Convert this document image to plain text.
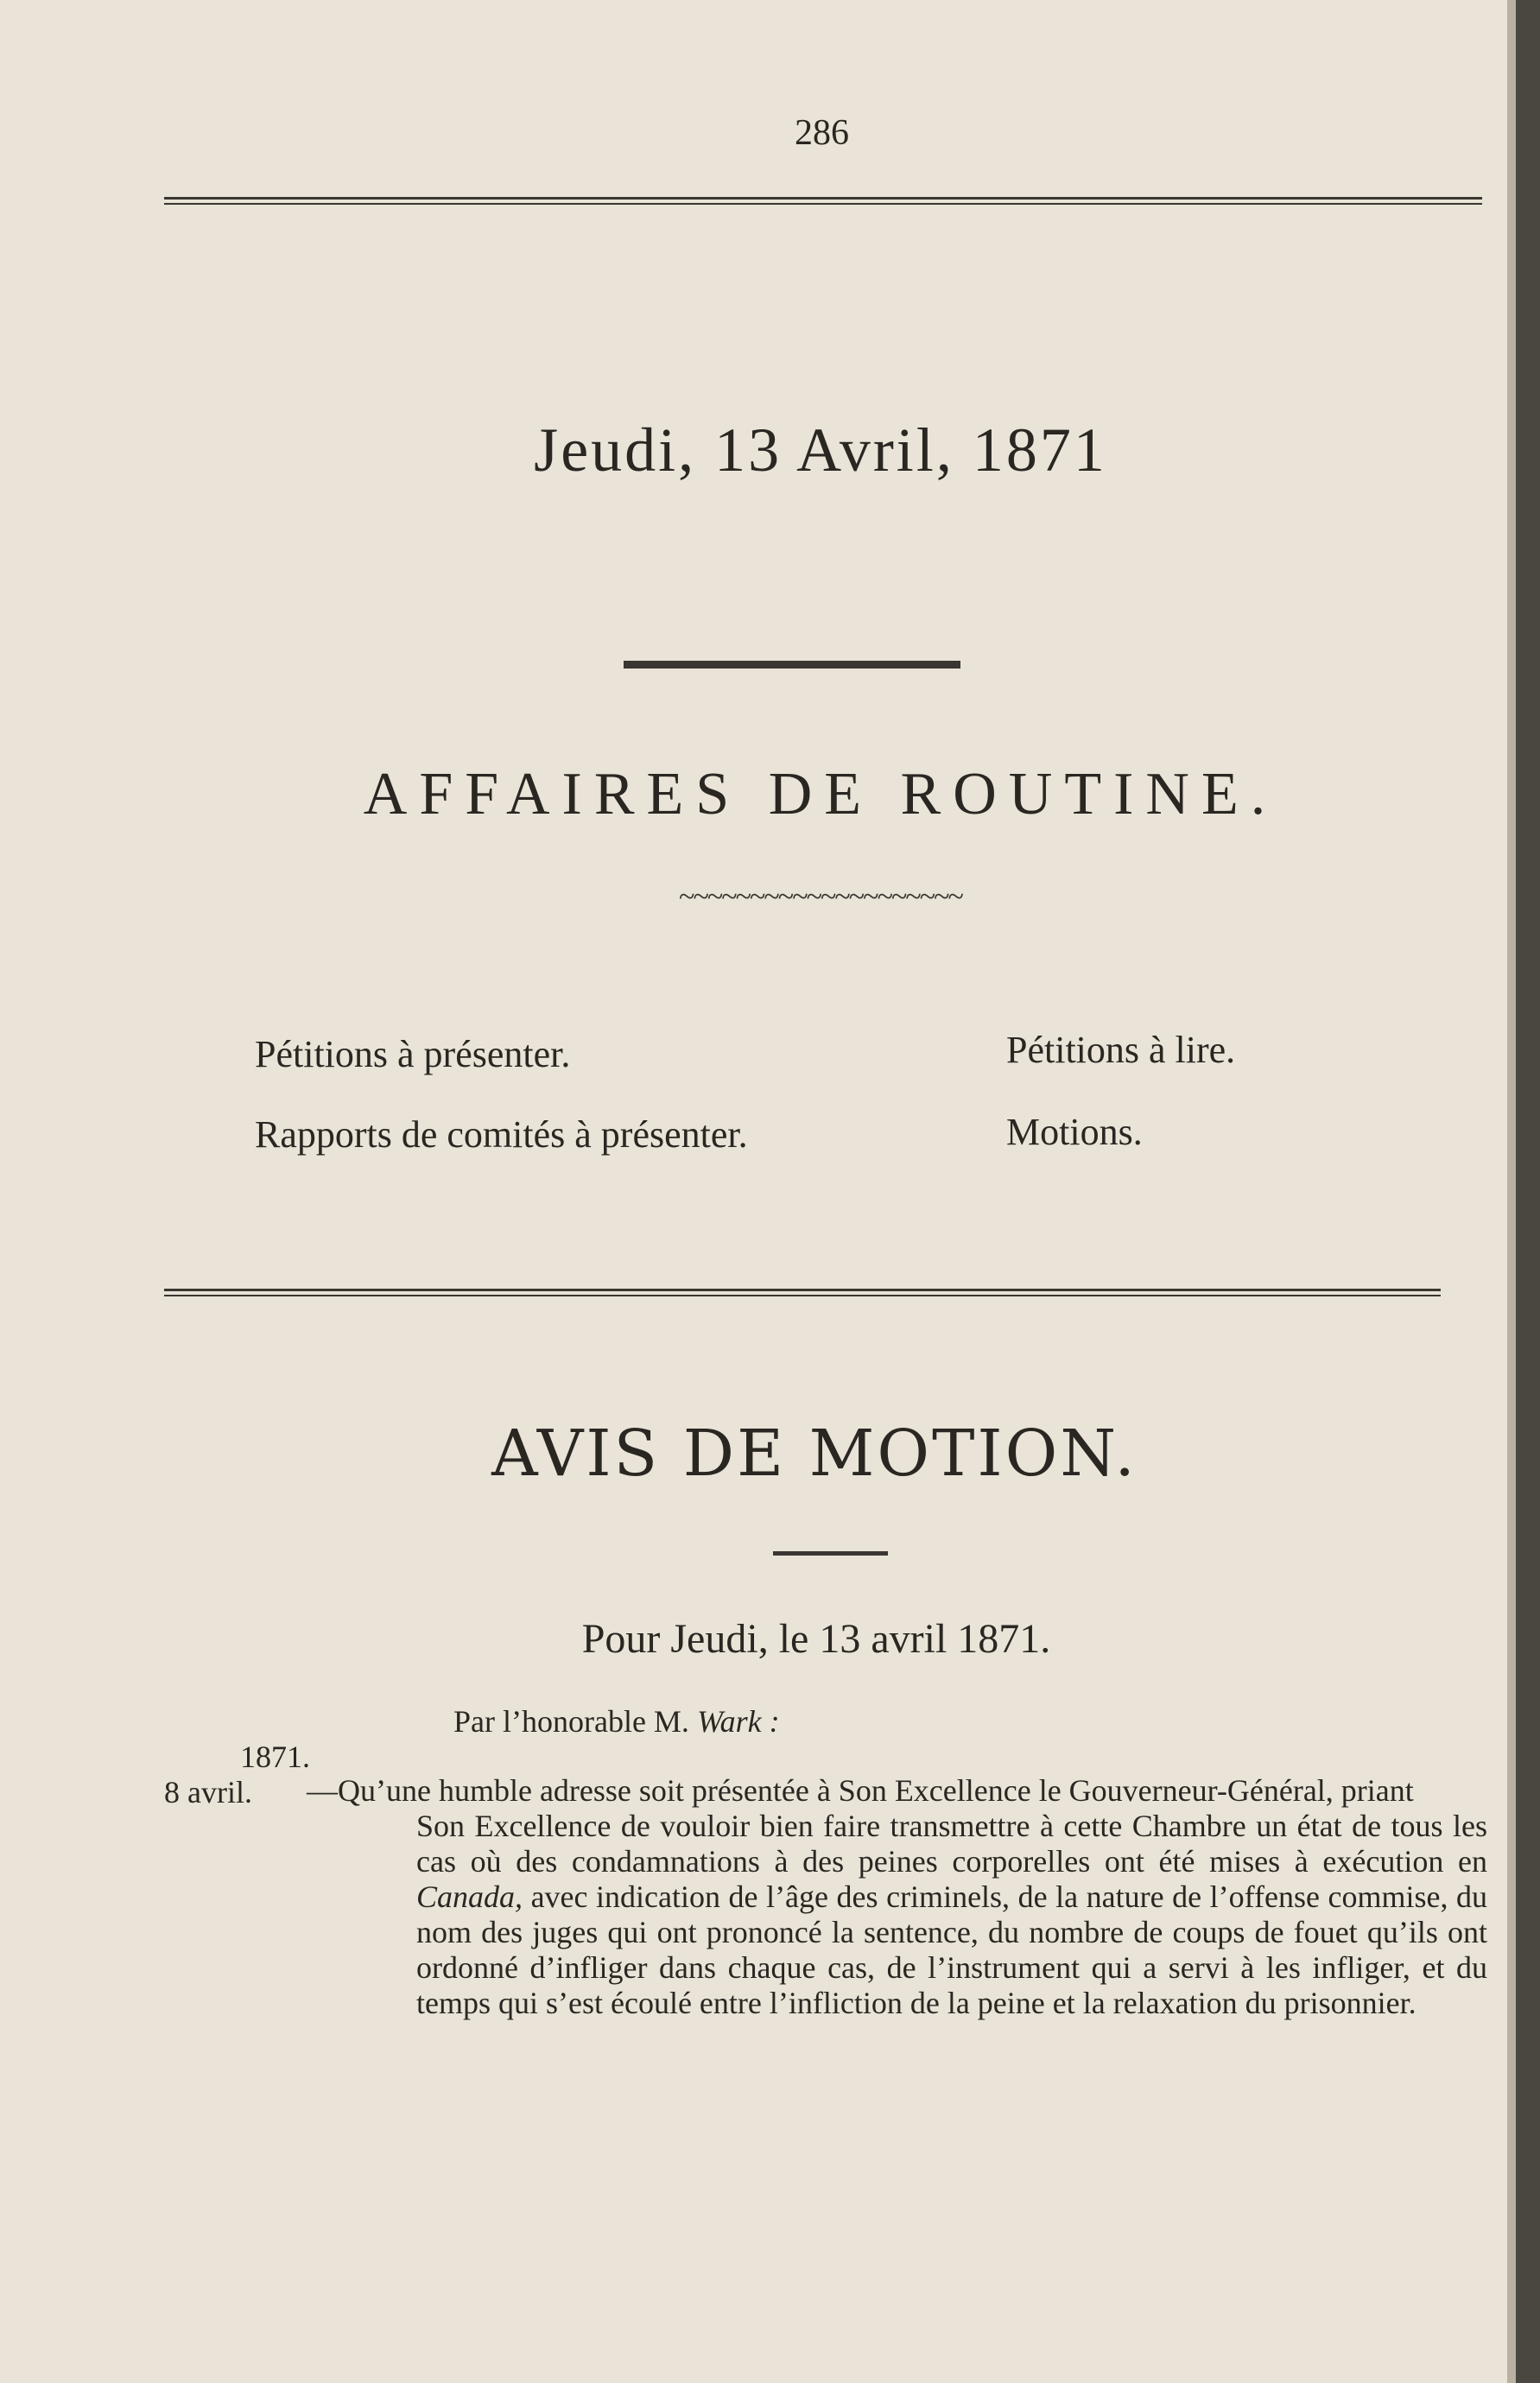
286
Jeudi, 13 Avril, 1871
AFFAIRES DE ROUTINE.
~~~~~~~~~~~~~~~~~~~~
Pétitions à présenter.
Rapports de comités à présenter.
Pétitions à lire.
Motions.
AVIS DE MOTION.
Pour Jeudi, le 13 avril 1871.
Par l’honorable M. Wark :
1871.
8 avril. —Qu’une humble adresse soit présentée à Son Excellence le Gouverneur-Général, priant
Son Excellence de vouloir bien faire transmettre à cette Chambre un état de tous les cas où des condamnations à des peines corporelles ont été mises à exécution en Canada, avec indication de l’âge des criminels, de la nature de l’offense commise, du nom des juges qui ont prononcé la sentence, du nombre de coups de fouet qu’ils ont ordonné d’infliger dans chaque cas, de l’instrument qui a servi à les infliger, et du temps qui s’est écoulé entre l’infliction de la peine et la relaxation du prisonnier.
